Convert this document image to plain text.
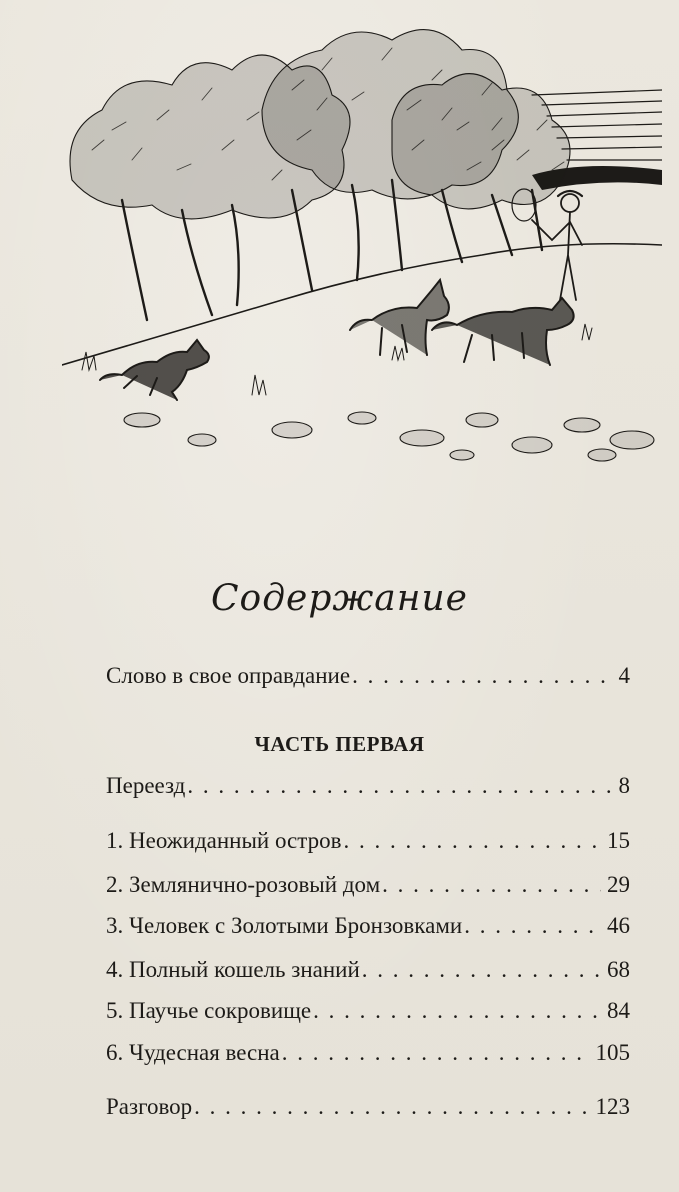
Содержание
Слово в свое оправдание . . .	4
ЧАСТЬ ПЕРВАЯ
Переезд . . .	8
1. Неожиданный остров . . .	15
2. Землянично-розовый дом . . .	29
3. Человек с Золотыми Бронзовками . . .	46
4. Полный кошель знаний . . .	68
5. Паучье сокровище . . .	84
6. Чудесная весна . . .	105
Разговор . . .	123
